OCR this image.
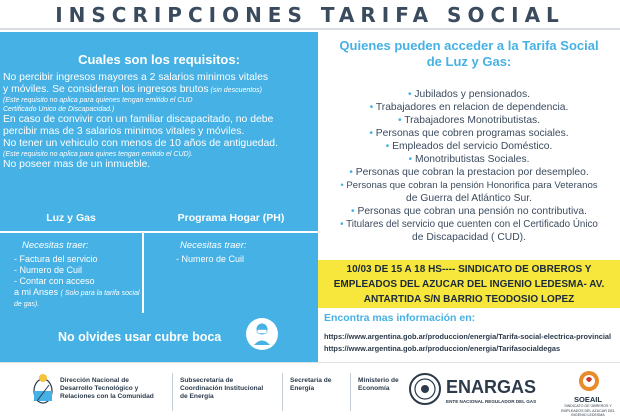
INSCRIPCIONES TARIFA SOCIAL
Cuales son los requisitos:
No percibir ingresos mayores a 2 salarios minimos vitales
y móviles. Se consideran los ingresos brutos (sin descuentos)
(Este requisito no aplica para quienes tengan emitido el CUD
Certificado Único de Discapacidad.)
En caso de convivir con un familiar discapacitado, no debe
percibir mas de 3 salarios minimos vitales y móviles.
No tener un vehiculo con menos de 10 años de antiguedad.
(Este requisito no aplica para quines tengan emitido el CUD).
No poseer mas de un inmueble.
Luz y Gas	Programa Hogar (PH)
Necesitas traer:	Necesitas traer:
- Factura del servicio
- Numero de Cuil
- Contar con acceso
a mi Anses ( Solo para la tarifa social de gas).
- Numero de Cuil
No olvides usar cubre boca
Quienes pueden acceder a la Tarifa Social
de Luz y Gas:
• Jubilados y pensionados.
• Trabajadores en relacion de dependencia.
• Trabajadores Monotributistas.
• Personas que cobren programas sociales.
• Empleados del servicio Doméstico.
• Monotributistas Sociales.
• Personas que cobran la prestacion por desempleo.
• Personas que cobran la pensión Honorifica para Veteranos
de Guerra del Atlántico Sur.
• Personas que cobran una pensión no contributiva.
• Titulares del servicio que cuenten con el Certificado Único
de Discapacidad ( CUD).
10/03 DE 15 A 18 HS---- SINDICATO DE OBREROS Y
EMPLEADOS DEL AZUCAR DEL INGENIO LEDESMA- AV.
ANTARTIDA S/N BARRIO TEODOSIO LOPEZ
Encontra mas información en:
https://www.argentina.gob.ar/produccion/energia/Tarifa-social-electrica-provincial
https://www.argentina.gob.ar/produccion/energia/Tarifasocialdegas
Dirección Nacional de
Desarrollo Tecnológico y
Relaciones con la Comunidad
Subsecretaría de
Coordinación Institucional
de Energía
Secretaría de
Energía
Ministerio de
Economía	ENARGAS
ENTE NACIONAL REGULADOR DEL GAS	SOEAIL
SINDICATO DE OBREROS Y EMPLEADOS DEL AZUCAR DEL INGENIO LEDESMA
